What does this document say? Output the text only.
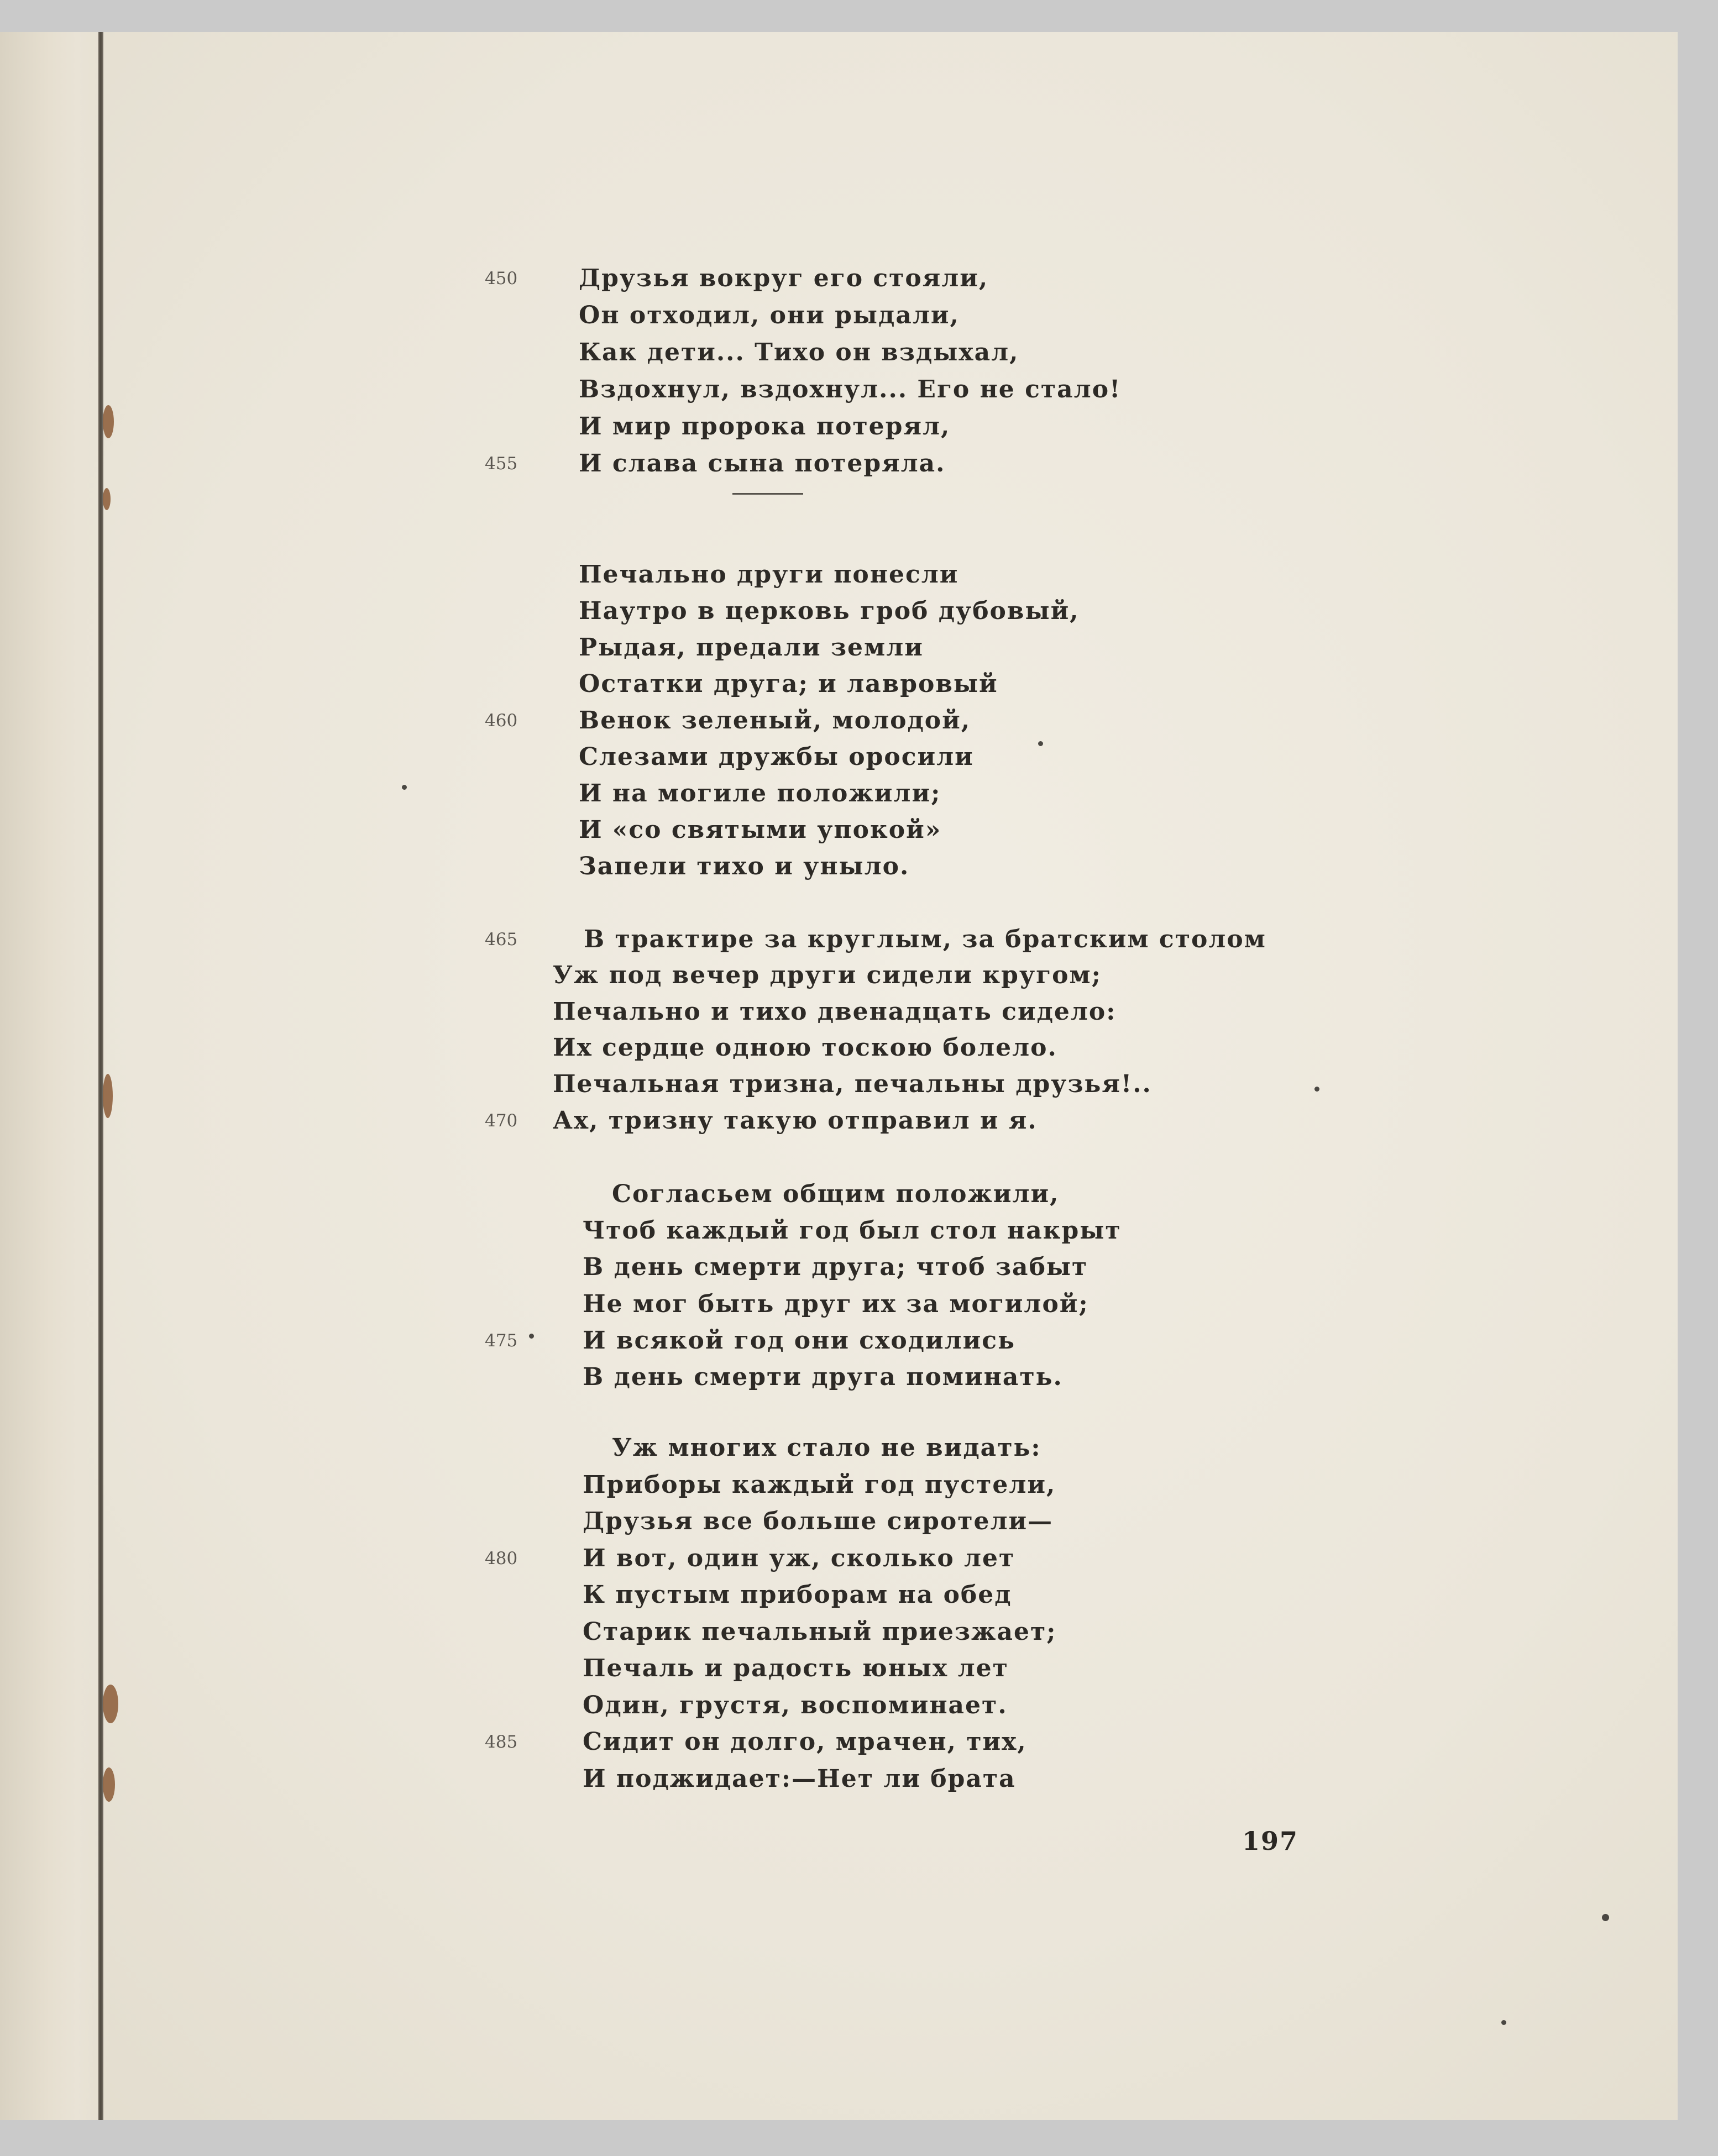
450
455
460
465
470
475
480
485
Друзья вокруг его стояли,
Он отходил, они рыдали,
Как дети... Тихо он вздыхал,
Вздохнул, вздохнул... Его не стало!
И мир пророка потерял,
И слава сына потеряла.
Печально други понесли
Наутро в церковь гроб дубовый,
Рыдая, предали земли
Остатки друга; и лавровый
Венок зеленый, молодой,
Слезами дружбы оросили
И на могиле положили;
И «со святыми упокой»
Запели тихо и уныло.
В трактире за круглым, за братским столом
Уж под вечер други сидели кругом;
Печально и тихо двенадцать сидело:
Их сердце одною тоскою болело.
Печальная тризна, печальны друзья!..
Ах, тризну такую отправил и я.
Согласьем общим положили,
Чтоб каждый год был стол накрыт
В день смерти друга; чтоб забыт
Не мог быть друг их за могилой;
И всякой год они сходились
В день смерти друга поминать.
Уж многих стало не видать:
Приборы каждый год пустели,
Друзья все больше сиротели—
И вот, один уж, сколько лет
К пустым приборам на обед
Старик печальный приезжает;
Печаль и радость юных лет
Один, грустя, воспоминает.
Сидит он долго, мрачен, тих,
И поджидает:—Нет ли брата
197
